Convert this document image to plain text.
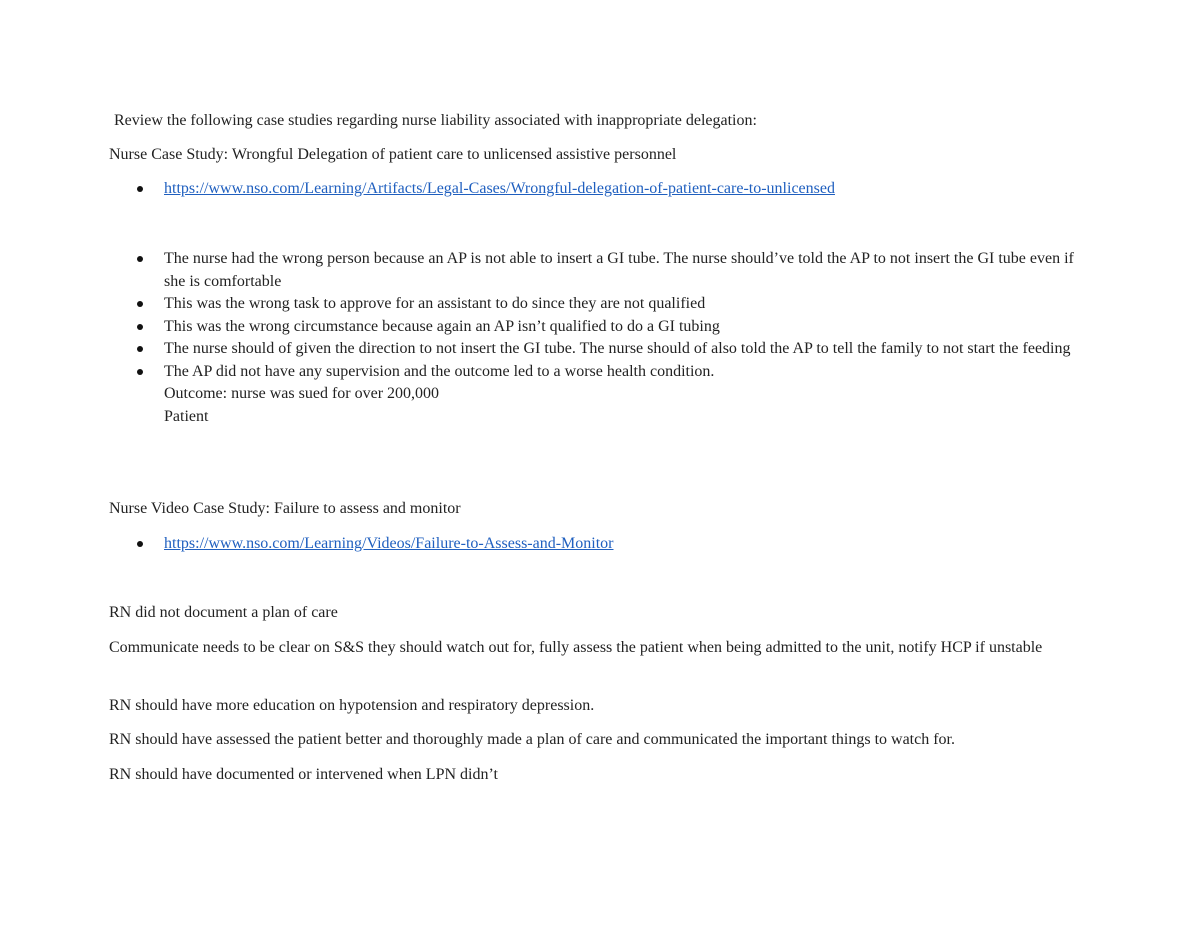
Review the following case studies regarding nurse liability associated with inappropriate delegation:

Nurse Case Study: Wrongful Delegation of patient care to unlicensed assistive personnel

https://www.nso.com/Learning/Artifacts/Legal-Cases/Wrongful-delegation-of-patient-care-to-unlicensed
The nurse had the wrong person because an AP is not able to insert a GI tube. The nurse should’ve told the AP to not insert the GI tube even if she is comfortable
This was the wrong task to approve for an assistant to do since they are not qualified
This was the wrong circumstance because again an AP isn’t qualified to do a GI tubing
The nurse should of given the direction to not insert the GI tube. The nurse should of also told the AP to tell the family to not start the feeding
The AP did not have any supervision and the outcome led to a worse health condition.
Outcome: nurse was sued for over 200,000
Patient

Nurse Video Case Study: Failure to assess and monitor

https://www.nso.com/Learning/Videos/Failure-to-Assess-and-Monitor

RN did not document a plan of care

Communicate needs to be clear on S&S they should watch out for, fully assess the patient when being admitted to the unit, notify HCP if unstable

RN should have more education on hypotension and respiratory depression.

RN should have assessed the patient better and thoroughly made a plan of care and communicated the important things to watch for.

RN should have documented or intervened when LPN didn’t
